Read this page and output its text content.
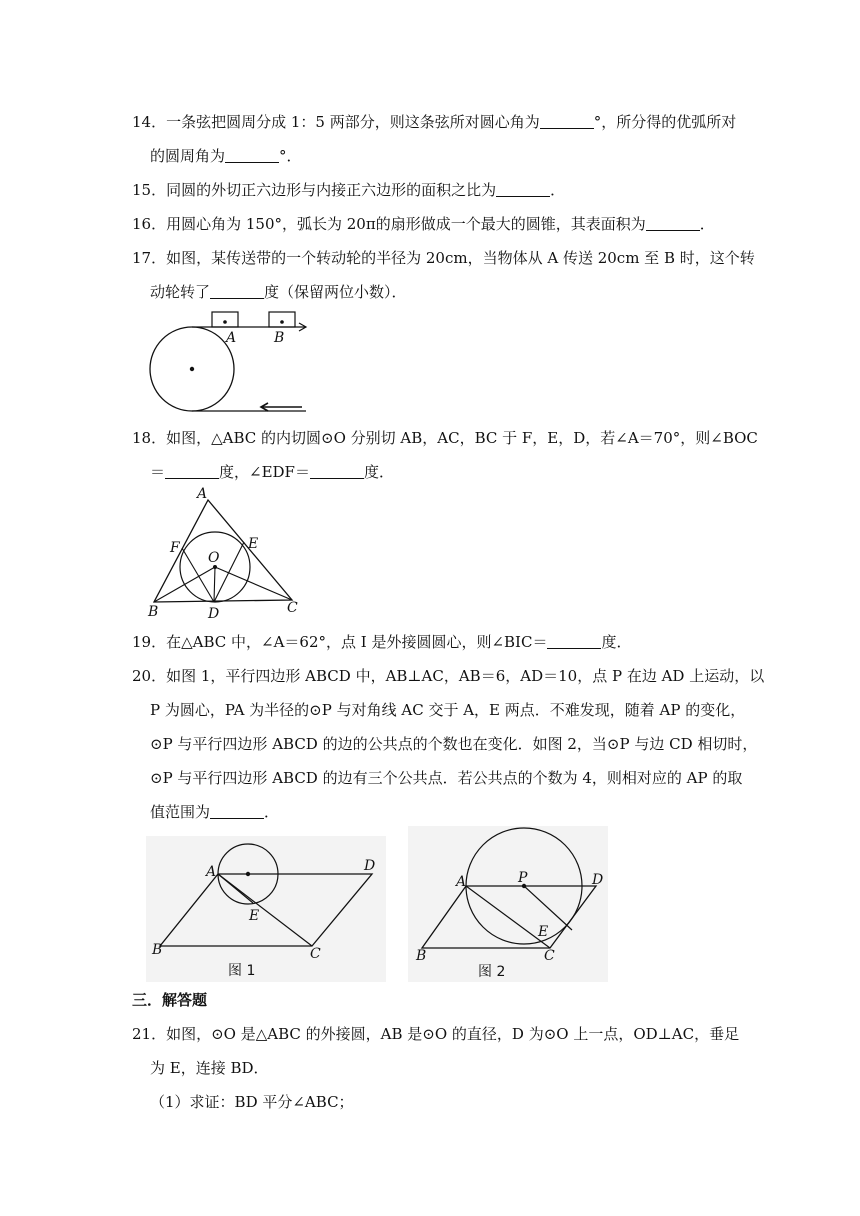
14．一条弦把圆周分成 1：5 两部分，则这条弦所对圆心角为	°，所分得的优弧所对
的圆周角为	°．
15．同圆的外切正六边形与内接正六边形的面积之比为	．
16．用圆心角为 150°，弧长为 20π的扇形做成一个最大的圆锥，其表面积为	．
17．如图，某传送带的一个转动轮的半径为 20cm，当物体从 A 传送 20cm 至 B 时，这个转
动轮转了	度（保留两位小数）．
A	B
18．如图，△ABC 的内切圆⊙O 分别切 AB，AC，BC 于 F，E，D，若∠A＝70°，则∠BOC
＝	度，∠EDF＝	度．
A
B	C
D
E
F
O
19．在△ABC 中，∠A＝62°，点 I 是外接圆圆心，则∠BIC＝	度．
20．如图 1，平行四边形 ABCD 中，AB⊥AC，AB＝6，AD＝10，点 P 在边 AD 上运动，以
P 为圆心，PA 为半径的⊙P 与对角线 AC 交于 A，E 两点．不难发现，随着 AP 的变化，
⊙P 与平行四边形 ABCD 的边的公共点的个数也在变化．如图 2，当⊙P 与边 CD 相切时，
⊙P 与平行四边形 ABCD 的边有三个公共点．若公共点的个数为 4，则相对应的 AP 的取
值范围为	．
A	D
E
B	C
图 1
A	P	D
E
B	C
图 2
三．解答题
21．如图，⊙O 是△ABC 的外接圆，AB 是⊙O 的直径，D 为⊙O 上一点，OD⊥AC，垂足
为 E，连接 BD．
（1）求证：BD 平分∠ABC；
